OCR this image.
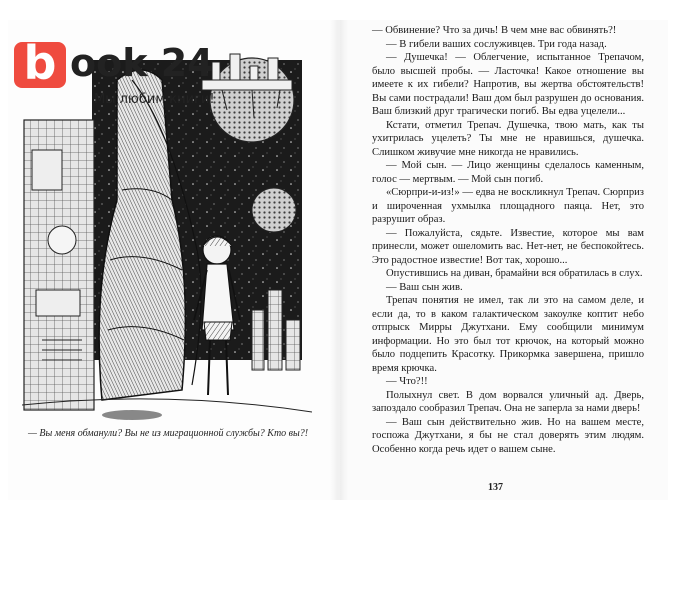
— Вы меня обманули? Вы не из миграционной службы? Кто вы?!

— Обвинение? Что за дичь! В чем мне вас обвинять?!

— В гибели ваших сослуживцев. Три года назад.

— Душечка! — Облегчение, испытанное Трепачом, было высшей пробы. — Ласточка! Какое отношение вы имеете к их гибели? Напротив, вы жертва обстоятельств! Вы сами пострадали! Ваш дом был разрушен до основания. Ваш близкий друг трагически погиб. Вы едва уцелели...

Кстати, отметил Трепач. Душечка, твою мать, как ты ухитрилась уцелеть? Ты мне не нравишься, душечка. Слишком живучие мне никогда не нравились.

— Мой сын. — Лицо женщины сделалось каменным, голос — мертвым. — Мой сын погиб.

«Сюрпри-и-из!» — едва не воскликнул Трепач. Сюрприз и широченная ухмылка площадного паяца. Нет, это разрушит образ.

— Пожалуйста, сядьте. Известие, которое мы вам принесли, может ошеломить вас. Нет-нет, не беспокойтесь. Это радостное известие! Вот так, хорошо...

Опустившись на диван, брамайни вся обратилась в слух.

— Ваш сын жив.

Трепач понятия не имел, так ли это на самом деле, и если да, то в каком галактическом закоулке коптит небо отпрыск Мирры Джутхани. Ему сообщили минимум информации. Но это был тот крючок, на который можно было подцепить Красотку. Прикормка завершена, пришло время крючка.

— Что?!!

Полыхнул свет. В дом ворвался уличный ад. Дверь, запоздало сообразил Трепач. Она не заперла за нами дверь!

— Ваш сын действительно жив. Но на вашем месте, госпожа Джутхани, я бы не стал доверять этим людям. Особенно когда речь идет о вашем сыне.

137
b ook 24
Мы любим книги!
